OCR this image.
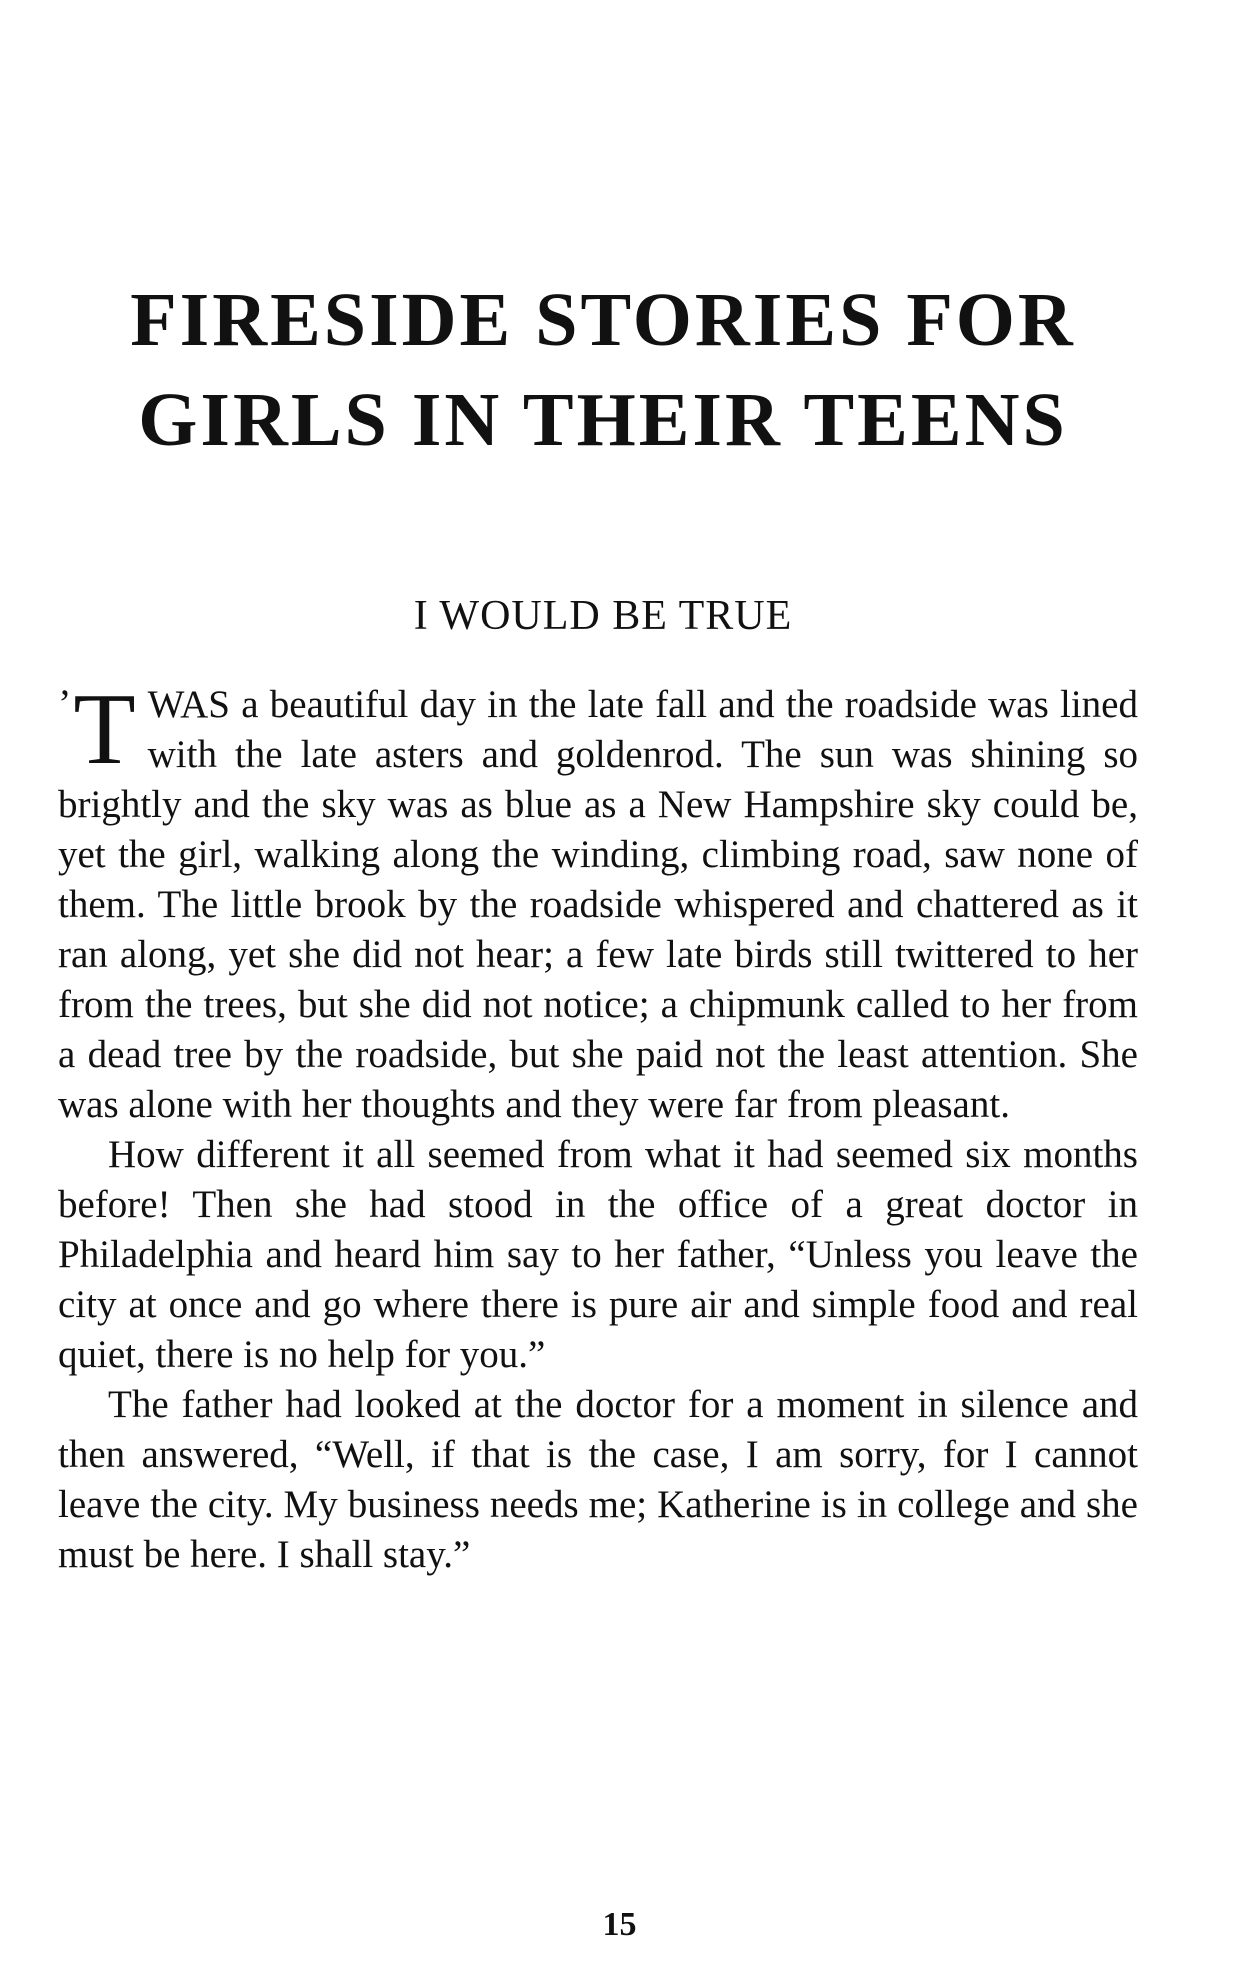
FIRESIDE STORIES FOR
GIRLS IN THEIR TEENS
I WOULD BE TRUE

’ T WAS a beautiful day in the late fall and the roadside was lined with the late asters and goldenrod. The sun was shining so brightly and the sky was as blue as a New Hampshire sky could be, yet the girl, walking along the winding, climbing road, saw none of them. The little brook by the roadside whispered and chattered as it ran along, yet she did not hear; a few late birds still twittered to her from the trees, but she did not notice; a chipmunk called to her from a dead tree by the roadside, but she paid not the least attention. She was alone with her thoughts and they were far from pleasant.

How different it all seemed from what it had seemed six months before! Then she had stood in the office of a great doctor in Philadelphia and heard him say to her father, “Unless you leave the city at once and go where there is pure air and simple food and real quiet, there is no help for you.”

The father had looked at the doctor for a moment in silence and then answered, “Well, if that is the case, I am sorry, for I cannot leave the city. My business needs me; Katherine is in college and she must be here. I shall stay.”

15
